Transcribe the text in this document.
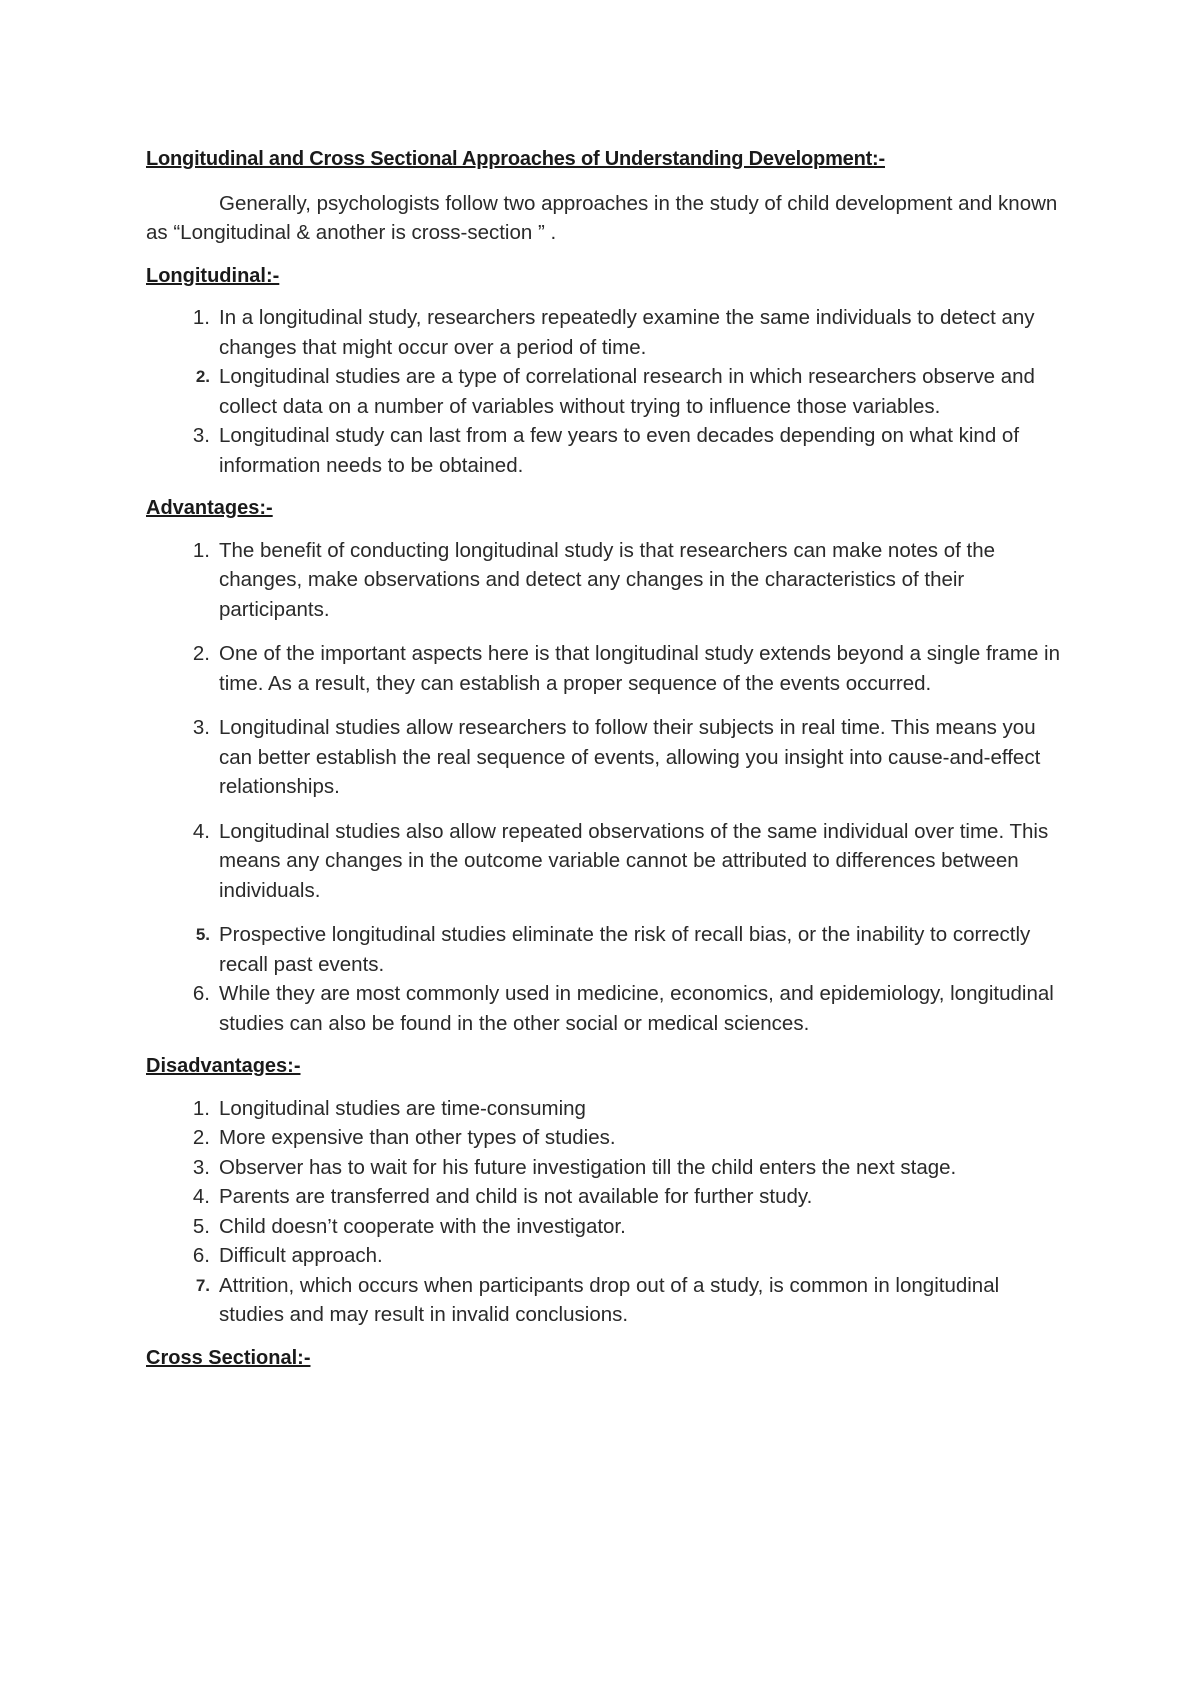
Longitudinal and Cross Sectional Approaches of Understanding Development:-

Generally, psychologists follow two approaches in the study of child development and known as “Longitudinal & another is cross-section ” .

Longitudinal:-
1. In a longitudinal study, researchers repeatedly examine the same individuals to detect any changes that might occur over a period of time.
2. Longitudinal studies are a type of correlational research in which researchers observe and collect data on a number of variables without trying to influence those variables.
3. Longitudinal study can last from a few years to even decades depending on what kind of information needs to be obtained.
Advantages:-
1. The benefit of conducting longitudinal study is that researchers can make notes of the changes, make observations and detect any changes in the characteristics of their participants.
2. One of the important aspects here is that longitudinal study extends beyond a single frame in time. As a result, they can establish a proper sequence of the events occurred.
3. Longitudinal studies allow researchers to follow their subjects in real time. This means you can better establish the real sequence of events, allowing you insight into cause-and-effect relationships.
4. Longitudinal studies also allow repeated observations of the same individual over time. This means any changes in the outcome variable cannot be attributed to differences between individuals.
5. Prospective longitudinal studies eliminate the risk of recall bias, or the inability to correctly recall past events.
6. While they are most commonly used in medicine, economics, and epidemiology, longitudinal studies can also be found in the other social or medical sciences.
Disadvantages:-
1. Longitudinal studies are time-consuming
2. More expensive than other types of studies.
3. Observer has to wait for his future investigation till the child enters the next stage.
4. Parents are transferred and child is not available for further study.
5. Child doesn’t cooperate with the investigator.
6. Difficult approach.
7. Attrition, which occurs when participants drop out of a study, is common in longitudinal studies and may result in invalid conclusions.
Cross Sectional:-
